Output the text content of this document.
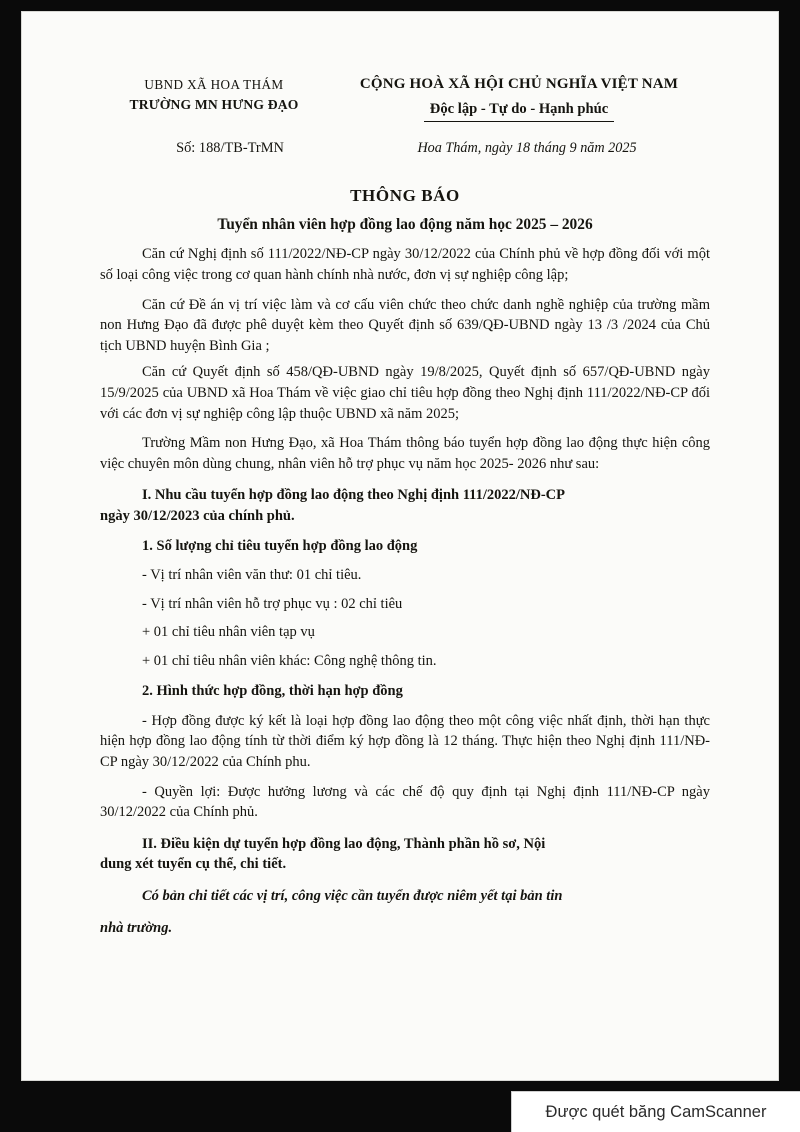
UBND XÃ HOA THÁM
TRƯỜNG MN HƯNG ĐẠO
CỘNG HOÀ XÃ HỘI CHỦ NGHĨA VIỆT NAM
Độc lập - Tự do - Hạnh phúc
Số: 188/TB-TrMN	Hoa Thám, ngày 18 tháng 9 năm 2025
THÔNG BÁO
Tuyển nhân viên hợp đồng lao động năm học 2025 – 2026
Căn cứ Nghị định số 111/2022/NĐ-CP ngày 30/12/2022 của Chính phủ về hợp đồng đối với một số loại công việc trong cơ quan hành chính nhà nước, đơn vị sự nghiệp công lập;
Căn cứ Đề án vị trí việc làm và cơ cấu viên chức theo chức danh nghề nghiệp của trường mầm non Hưng Đạo đã được phê duyệt kèm theo Quyết định số 639/QĐ-UBND ngày 13 /3 /2024 của Chủ tịch UBND huyện Bình Gia ;
Căn cứ Quyết định số 458/QĐ-UBND ngày 19/8/2025, Quyết định số 657/QĐ-UBND ngày 15/9/2025 của UBND xã Hoa Thám về việc giao chỉ tiêu hợp đồng theo Nghị định 111/2022/NĐ-CP đối với các đơn vị sự nghiệp công lập thuộc UBND xã năm 2025;
Trường Mầm non Hưng Đạo, xã Hoa Thám thông báo tuyển hợp đồng lao động thực hiện công việc chuyên môn dùng chung, nhân viên hỗ trợ phục vụ năm học 2025- 2026 như sau:
I. Nhu cầu tuyển hợp đồng lao động theo Nghị định 111/2022/NĐ-CP
ngày 30/12/2023 của chính phủ.
1. Số lượng chỉ tiêu tuyển hợp đồng lao động
- Vị trí nhân viên văn thư: 01 chỉ tiêu.
- Vị trí nhân viên hỗ trợ phục vụ : 02 chỉ tiêu
+ 01 chỉ tiêu nhân viên tạp vụ
+ 01 chỉ tiêu nhân viên khác: Công nghệ thông tin.
2. Hình thức hợp đồng, thời hạn hợp đồng
- Hợp đồng được ký kết là loại hợp đồng lao động theo một công việc nhất định, thời hạn thực hiện hợp đồng lao động tính từ thời điểm ký hợp đồng là 12 tháng. Thực hiện theo Nghị định 111/NĐ-CP ngày 30/12/2022 của Chính phu.
- Quyền lợi: Được hưởng lương và các chế độ quy định tại Nghị định 111/NĐ-CP ngày 30/12/2022 của Chính phủ.
II. Điều kiện dự tuyển hợp đồng lao động, Thành phần hồ sơ, Nội
dung xét tuyển cụ thể, chi tiết.
Có bản chi tiết các vị trí, công việc cần tuyển được niêm yết tại bản tin
nhà trường.
Được quét băng CamScanner
